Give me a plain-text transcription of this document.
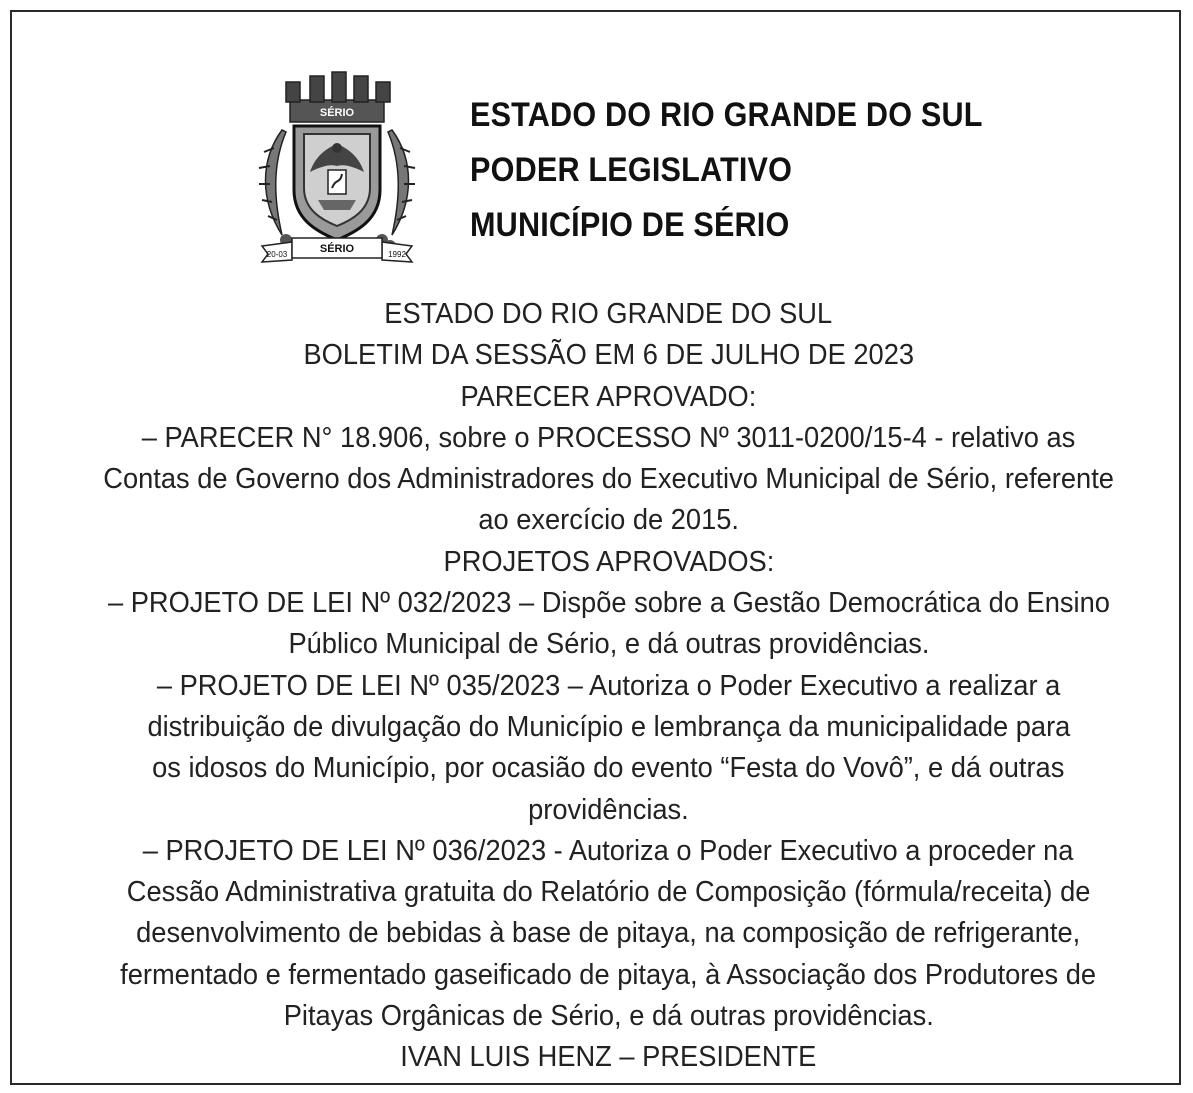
SÉRIO
SÉRIO
20-03	1992
ESTADO DO RIO GRANDE DO SUL
PODER LEGISLATIVO
MUNICÍPIO DE SÉRIO
ESTADO DO RIO GRANDE DO SUL
BOLETIM DA SESSÃO EM 6 DE JULHO DE 2023
PARECER APROVADO:
– PARECER N° 18.906, sobre o PROCESSO Nº 3011-0200/15-4 - relativo as
Contas de Governo dos Administradores do Executivo Municipal de Sério, referente
ao exercício de 2015.
PROJETOS APROVADOS:
– PROJETO DE LEI Nº 032/2023 – Dispõe sobre a Gestão Democrática do Ensino
Público Municipal de Sério, e dá outras providências.
– PROJETO DE LEI Nº 035/2023 – Autoriza o Poder Executivo a realizar a
distribuição de divulgação do Município e lembrança da municipalidade para
os idosos do Município, por ocasião do evento “Festa do Vovô”, e dá outras
providências.
– PROJETO DE LEI Nº 036/2023 - Autoriza o Poder Executivo a proceder na
Cessão Administrativa gratuita do Relatório de Composição (fórmula/receita) de
desenvolvimento de bebidas à base de pitaya, na composição de refrigerante,
fermentado e fermentado gaseificado de pitaya, à Associação dos Produtores de
Pitayas Orgânicas de Sério, e dá outras providências.
IVAN LUIS HENZ – PRESIDENTE
